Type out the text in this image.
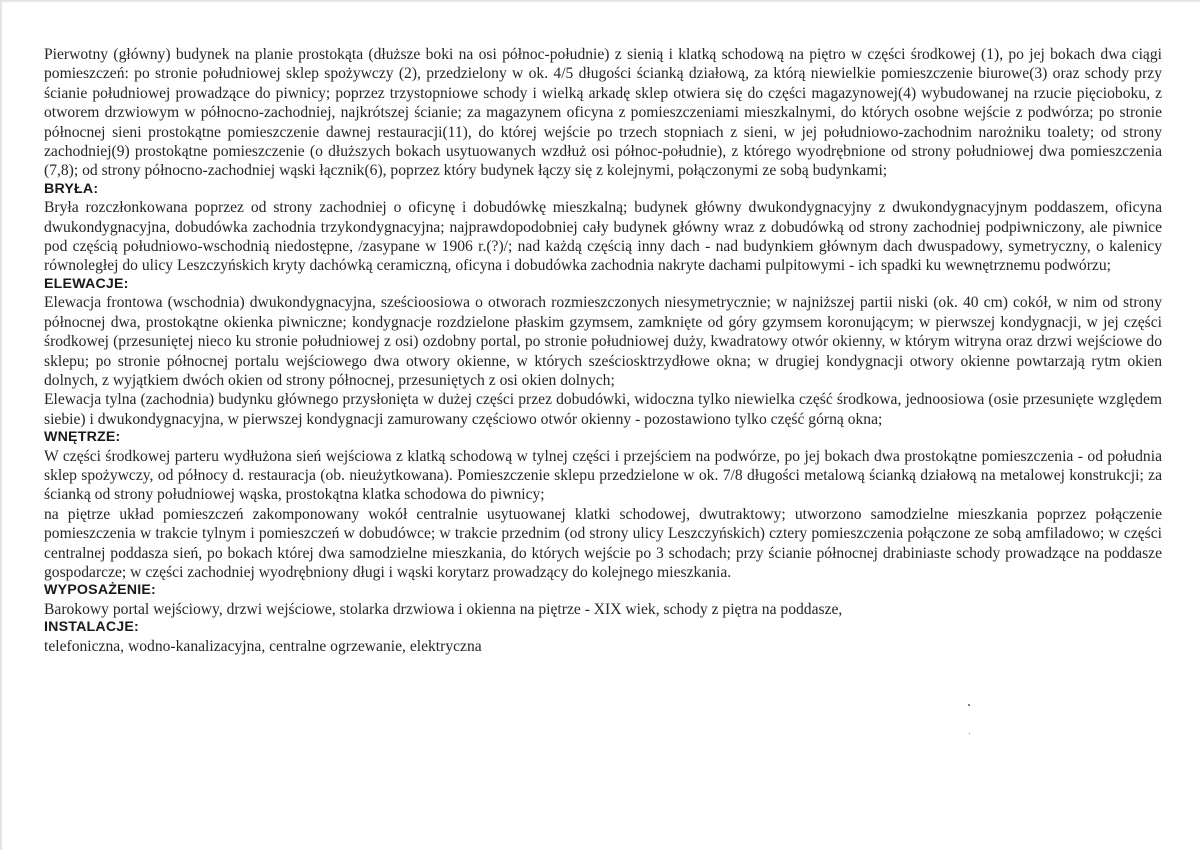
Pierwotny (główny) budynek na planie prostokąta (dłuższe boki na osi północ-południe) z sienią i klatką schodową na piętro w części środkowej (1), po jej bokach dwa ciągi pomieszczeń: po stronie południowej sklep spożywczy (2), przedzielony w ok. 4/5 długości ścianką działową, za którą niewielkie pomieszczenie biurowe(3) oraz schody przy ścianie południowej prowadzące do piwnicy; poprzez trzystopniowe schody i wielką arkadę sklep otwiera się do części magazynowej(4) wybudowanej na rzucie pięcioboku, z otworem drzwiowym w północno-zachodniej, najkrótszej ścianie; za magazynem oficyna z pomieszczeniami mieszkalnymi, do których osobne wejście z podwórza; po stronie północnej sieni prostokątne pomieszczenie dawnej restauracji(11), do której wejście po trzech stopniach z sieni, w jej południowo-zachodnim narożniku toalety; od strony zachodniej(9) prostokątne pomieszczenie (o dłuższych bokach usytuowanych wzdłuż osi północ-południe), z którego wyodrębnione od strony południowej dwa pomieszczenia (7,8); od strony północno-zachodniej wąski łącznik(6), poprzez który budynek łączy się z kolejnymi, połączonymi ze sobą budynkami;

BRYŁA:

Bryła rozczłonkowana poprzez od strony zachodniej o oficynę i dobudówkę mieszkalną; budynek główny dwukondygnacyjny z dwukondygnacyjnym poddaszem, oficyna dwukondygnacyjna, dobudówka zachodnia trzykondygnacyjna; najprawdopodobniej cały budynek główny wraz z dobudówką od strony zachodniej podpiwniczony, ale piwnice pod częścią południowo-wschodnią niedostępne, /zasypane w 1906 r.(?)/; nad każdą częścią inny dach - nad budynkiem głównym dach dwuspadowy, symetryczny, o kalenicy równoległej do ulicy Leszczyńskich kryty dachówką ceramiczną, oficyna i dobudówka zachodnia nakryte dachami pulpitowymi - ich spadki ku wewnętrznemu podwórzu;

ELEWACJE:

Elewacja frontowa (wschodnia) dwukondygnacyjna, sześcioosiowa o otworach rozmieszczonych niesymetrycznie; w najniższej partii niski (ok. 40 cm) cokół, w nim od strony północnej dwa, prostokątne okienka piwniczne; kondygnacje rozdzielone płaskim gzymsem, zamknięte od góry gzymsem koronującym; w pierwszej kondygnacji, w jej części środkowej (przesuniętej nieco ku stronie południowej z osi) ozdobny portal, po stronie południowej duży, kwadratowy otwór okienny, w którym witryna oraz drzwi wejściowe do sklepu; po stronie północnej portalu wejściowego dwa otwory okienne, w których sześciosktrzydłowe okna; w drugiej kondygnacji otwory okienne powtarzają rytm okien dolnych, z wyjątkiem dwóch okien od strony północnej, przesuniętych z osi okien dolnych;

Elewacja tylna (zachodnia) budynku głównego przysłonięta w dużej części przez dobudówki, widoczna tylko niewielka część środkowa, jednoosiowa (osie przesunięte względem siebie) i dwukondygnacyjna, w pierwszej kondygnacji zamurowany częściowo otwór okienny - pozostawiono tylko część górną okna;

WNĘTRZE:

W części środkowej parteru wydłużona sień wejściowa z klatką schodową w tylnej części i przejściem na podwórze, po jej bokach dwa prostokątne pomieszczenia - od południa sklep spożywczy, od północy d. restauracja (ob. nieużytkowana). Pomieszczenie sklepu przedzielone w ok. 7/8 długości metalową ścianką działową na metalowej konstrukcji; za ścianką od strony południowej wąska, prostokątna klatka schodowa do piwnicy;

na piętrze układ pomieszczeń zakomponowany wokół centralnie usytuowanej klatki schodowej, dwutraktowy; utworzono samodzielne mieszkania poprzez połączenie pomieszczenia w trakcie tylnym i pomieszczeń w dobudówce; w trakcie przednim (od strony ulicy Leszczyńskich) cztery pomieszczenia połączone ze sobą amfiladowo; w części centralnej poddasza sień, po bokach której dwa samodzielne mieszkania, do których wejście po 3 schodach; przy ścianie północnej drabiniaste schody prowadzące na poddasze gospodarcze; w części zachodniej wyodrębniony długi i wąski korytarz prowadzący do kolejnego mieszkania.

WYPOSAŻENIE:

Barokowy portal wejściowy, drzwi wejściowe, stolarka drzwiowa i okienna na piętrze - XIX wiek, schody z piętra na poddasze,

INSTALACJE:

telefoniczna, wodno-kanalizacyjna, centralne ogrzewanie, elektryczna
